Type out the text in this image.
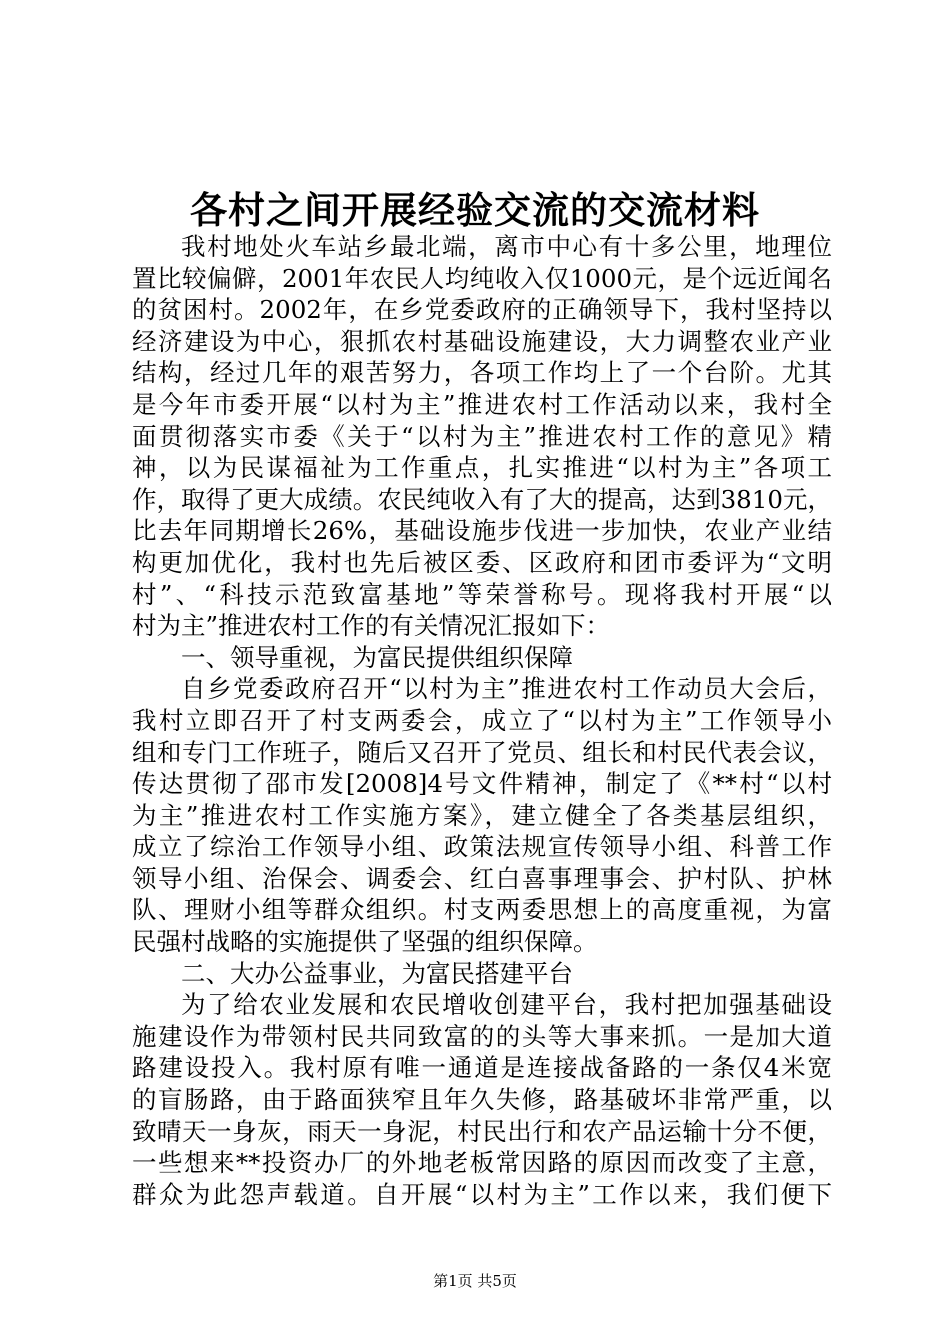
各村之间开展经验交流的交流材料
我村地处火车站乡最北端，离市中心有十多公里，地理位
置比较偏僻，2001年农民人均纯收入仅1000元，是个远近闻名
的贫困村。2002年，在乡党委政府的正确领导下，我村坚持以
经济建设为中心，狠抓农村基础设施建设，大力调整农业产业
结构，经过几年的艰苦努力，各项工作均上了一个台阶。尤其
是今年市委开展“以村为主”推进农村工作活动以来，我村全
面贯彻落实市委《关于“以村为主”推进农村工作的意见》精
神，以为民谋福祉为工作重点，扎实推进“以村为主”各项工
作，取得了更大成绩。农民纯收入有了大的提高，达到3810元，
比去年同期增长26%，基础设施步伐进一步加快，农业产业结
构更加优化，我村也先后被区委、区政府和团市委评为“文明
村”、“科技示范致富基地”等荣誉称号。现将我村开展“以
村为主”推进农村工作的有关情况汇报如下：
一、领导重视，为富民提供组织保障
自乡党委政府召开“以村为主”推进农村工作动员大会后，
我村立即召开了村支两委会，成立了“以村为主”工作领导小
组和专门工作班子，随后又召开了党员、组长和村民代表会议，
传达贯彻了邵市发[2008]4号文件精神，制定了《**村“以村
为主”推进农村工作实施方案》，建立健全了各类基层组织，
成立了综治工作领导小组、政策法规宣传领导小组、科普工作
领导小组、治保会、调委会、红白喜事理事会、护村队、护林
队、理财小组等群众组织。村支两委思想上的高度重视，为富
民强村战略的实施提供了坚强的组织保障。
二、大办公益事业，为富民搭建平台
为了给农业发展和农民增收创建平台，我村把加强基础设
施建设作为带领村民共同致富的的头等大事来抓。一是加大道
路建设投入。我村原有唯一通道是连接战备路的一条仅4米宽
的盲肠路，由于路面狭窄且年久失修，路基破坏非常严重，以
致晴天一身灰，雨天一身泥，村民出行和农产品运输十分不便，
一些想来**投资办厂的外地老板常因路的原因而改变了主意，
群众为此怨声载道。自开展“以村为主”工作以来，我们便下
第1页 共5页
